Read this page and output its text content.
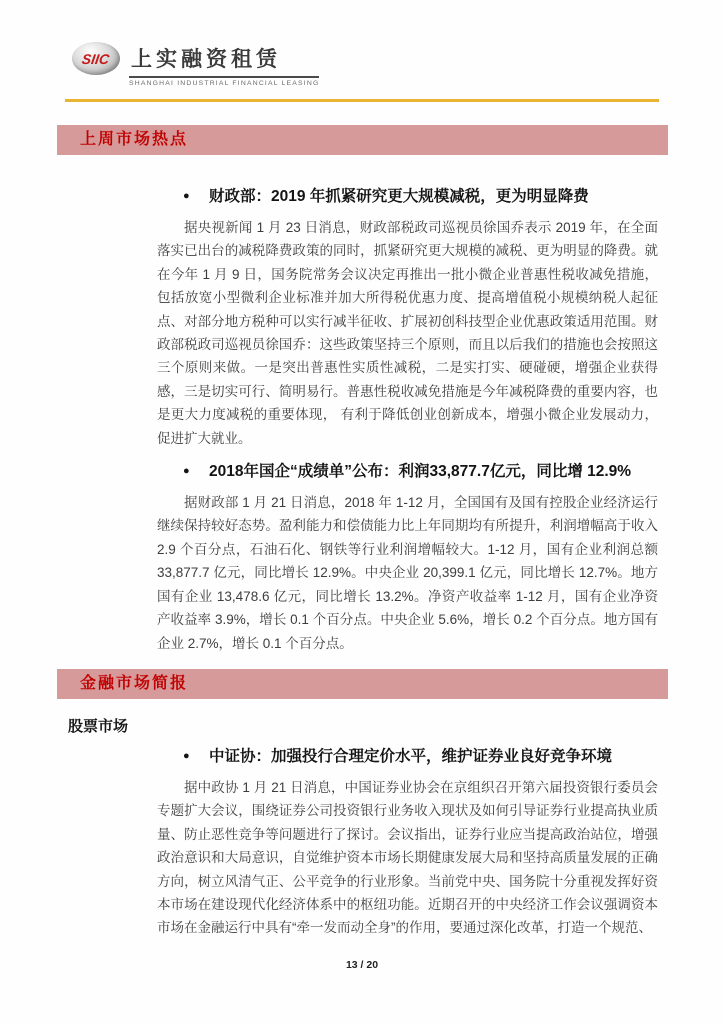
SIIC 上实融资租赁
SHANGHAI INDUSTRIAL FINANCIAL LEASING
上周市场热点
●	财政部：2019 年抓紧研究更大规模减税，更为明显降费

据央视新闻 1 月 23 日消息，财政部税政司巡视员徐国乔表示 2019 年，在全面落实已出台的减税降费政策的同时，抓紧研究更大规模的减税、更为明显的降费。就在今年 1 月 9 日，国务院常务会议决定再推出一批小微企业普惠性税收减免措施，包括放宽小型微利企业标准并加大所得税优惠力度、提高增值税小规模纳税人起征点、对部分地方税种可以实行减半征收、扩展初创科技型企业优惠政策适用范围。财政部税政司巡视员徐国乔：这些政策坚持三个原则，而且以后我们的措施也会按照这三个原则来做。一是突出普惠性实质性减税，二是实打实、硬碰硬，增强企业获得感，三是切实可行、简明易行。普惠性税收减免措施是今年减税降费的重要内容，也是更大力度减税的重要体现， 有利于降低创业创新成本，增强小微企业发展动力，促进扩大就业。

●	2018年国企“成绩单”公布：利润33,877.7亿元，同比增 12.9%

据财政部 1 月 21 日消息，2018 年 1-12 月，全国国有及国有控股企业经济运行继续保持较好态势。盈利能力和偿债能力比上年同期均有所提升，利润增幅高于收入 2.9 个百分点，石油石化、钢铁等行业利润增幅较大。1-12 月，国有企业利润总额 33,877.7 亿元，同比增长 12.9%。中央企业 20,399.1 亿元，同比增长 12.7%。地方国有企业 13,478.6 亿元，同比增长 13.2%。净资产收益率 1-12 月，国有企业净资产收益率 3.9%，增长 0.1 个百分点。中央企业 5.6%，增长 0.2 个百分点。地方国有企业 2.7%，增长 0.1 个百分点。

金融市场简报
股票市场
●	中证协：加强投行合理定价水平，维护证券业良好竞争环境

据中政协 1 月 21 日消息，中国证券业协会在京组织召开第六届投资银行委员会专题扩大会议，围绕证券公司投资银行业务收入现状及如何引导证券行业提高执业质量、防止恶性竞争等问题进行了探讨。会议指出，证券行业应当提高政治站位，增强政治意识和大局意识，自觉维护资本市场长期健康发展大局和坚持高质量发展的正确方向，树立风清气正、公平竞争的行业形象。当前党中央、国务院十分重视发挥好资本市场在建设现代化经济体系中的枢纽功能。近期召开的中央经济工作会议强调资本市场在金融运行中具有“牵一发而动全身”的作用，要通过深化改革，打造一个规范、

13 / 20
